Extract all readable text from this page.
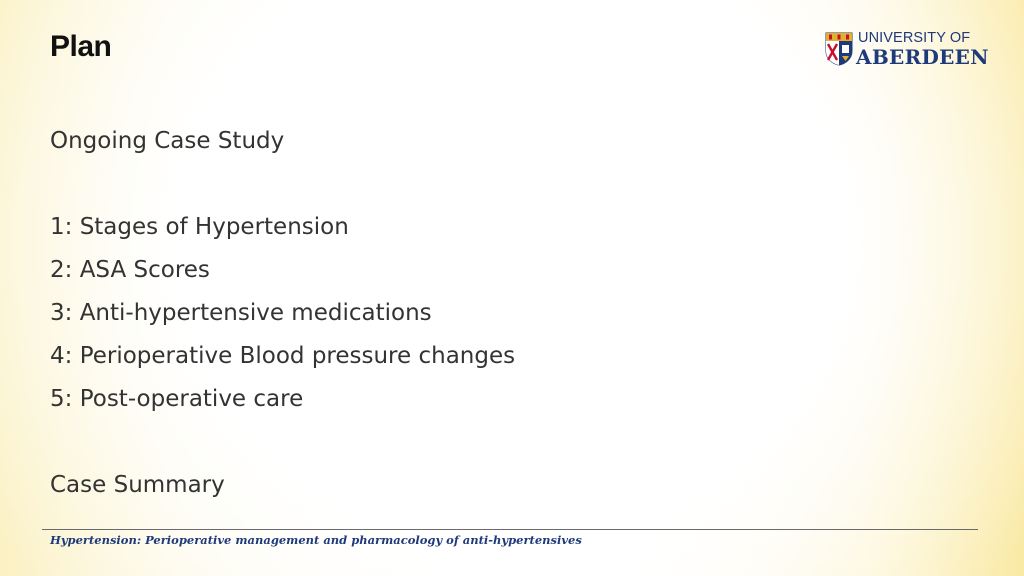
Plan	UNIVERSITY OF
ABERDEEN
Ongoing Case Study
1: Stages of Hypertension
2: ASA Scores
3: Anti-hypertensive medications
4: Perioperative Blood pressure changes
5: Post-operative care
Case Summary
Hypertension: Perioperative management and pharmacology of anti-hypertensives
